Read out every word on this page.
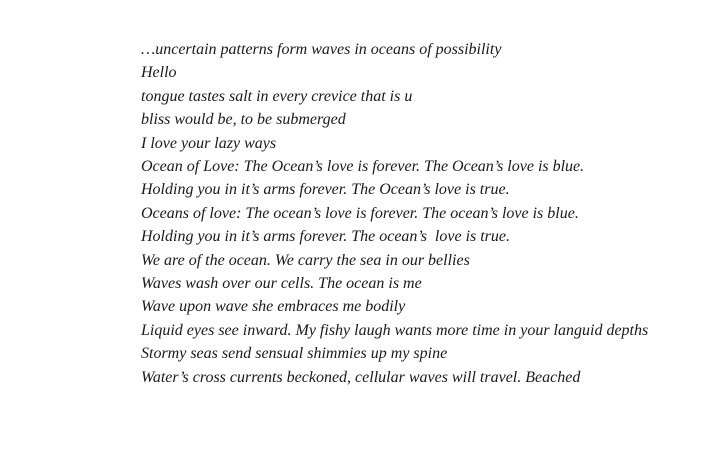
…uncertain patterns form waves in oceans of possibility
Hello
tongue tastes salt in every crevice that is u
bliss would be, to be submerged
I love your lazy ways
Ocean of Love: The Ocean’s love is forever. The Ocean’s love is blue.
Holding you in it’s arms forever. The Ocean’s love is true.
Oceans of love: The ocean’s love is forever. The ocean’s love is blue.
Holding you in it’s arms forever. The ocean’s  love is true.
We are of the ocean. We carry the sea in our bellies
Waves wash over our cells. The ocean is me
Wave upon wave she embraces me bodily
Liquid eyes see inward. My fishy laugh wants more time in your languid depths
Stormy seas send sensual shimmies up my spine
Water’s cross currents beckoned, cellular waves will travel. Beached
